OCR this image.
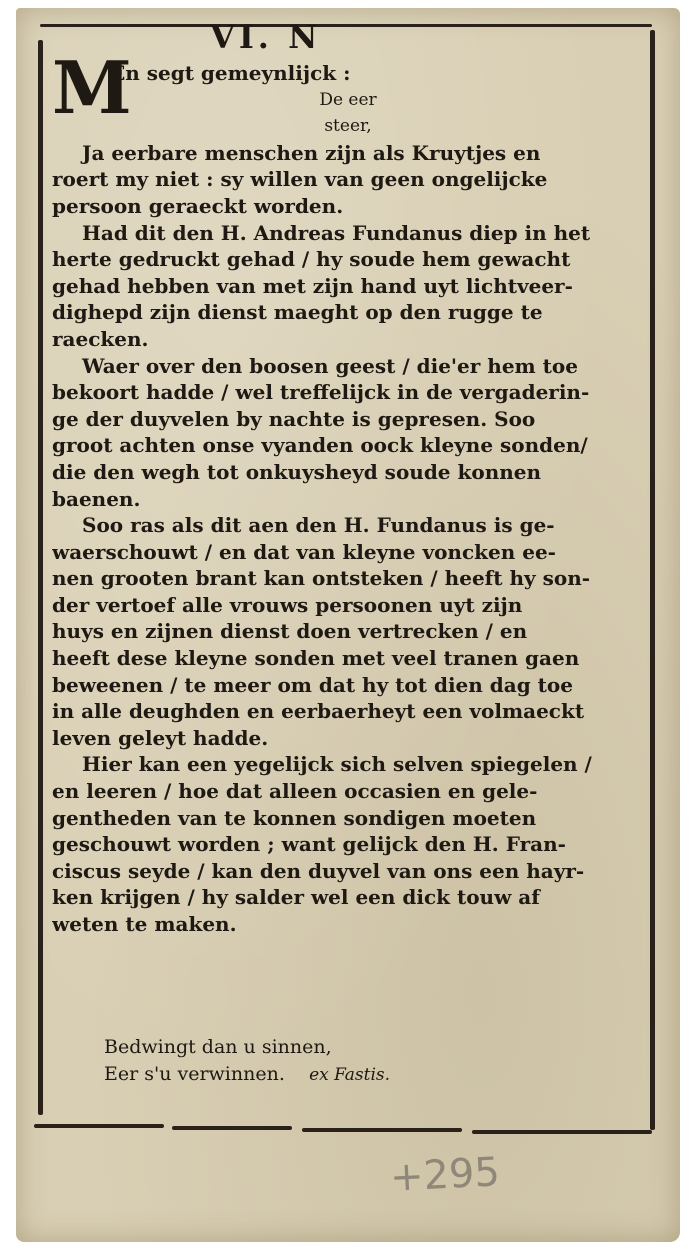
VI. N
M
En segt gemeynlijck :
De eer
steer,
Ja eerbare menschen zijn als Kruytjes en
roert my niet : sy willen van geen ongelijcke
persoon geraeckt worden.
Had dit den H. Andreas Fundanus diep in het
herte gedruckt gehad / hy soude hem gewacht
gehad hebben van met zijn hand uyt lichtveer-
dighepd zijn dienst maeght op den rugge te
raecken.
Waer over den boosen geest / die'er hem toe
bekoort hadde / wel treffelijck in de vergaderin-
ge der duyvelen by nachte is gepresen. Soo
groot achten onse vyanden oock kleyne sonden/
die den wegh tot onkuysheyd soude konnen
baenen.
Soo ras als dit aen den H. Fundanus is ge-
waerschouwt / en dat van kleyne voncken ee-
nen grooten brant kan ontsteken / heeft hy son-
der vertoef alle vrouws persoonen uyt zijn
huys en zijnen dienst doen vertrecken / en
heeft dese kleyne sonden met veel tranen gaen
beweenen / te meer om dat hy tot dien dag toe
in alle deughden en eerbaerheyt een volmaeckt
leven geleyt hadde.
Hier kan een yegelijck sich selven spiegelen /
en leeren / hoe dat alleen occasien en gele-
gentheden van te konnen sondigen moeten
geschouwt worden ; want gelijck den H. Fran-
ciscus seyde / kan den duyvel van ons een hayr-
ken krijgen / hy salder wel een dick touw af
weten te maken.
Bedwingt dan u sinnen,
Eer s'u verwinnen. ex Fastis.
+295
